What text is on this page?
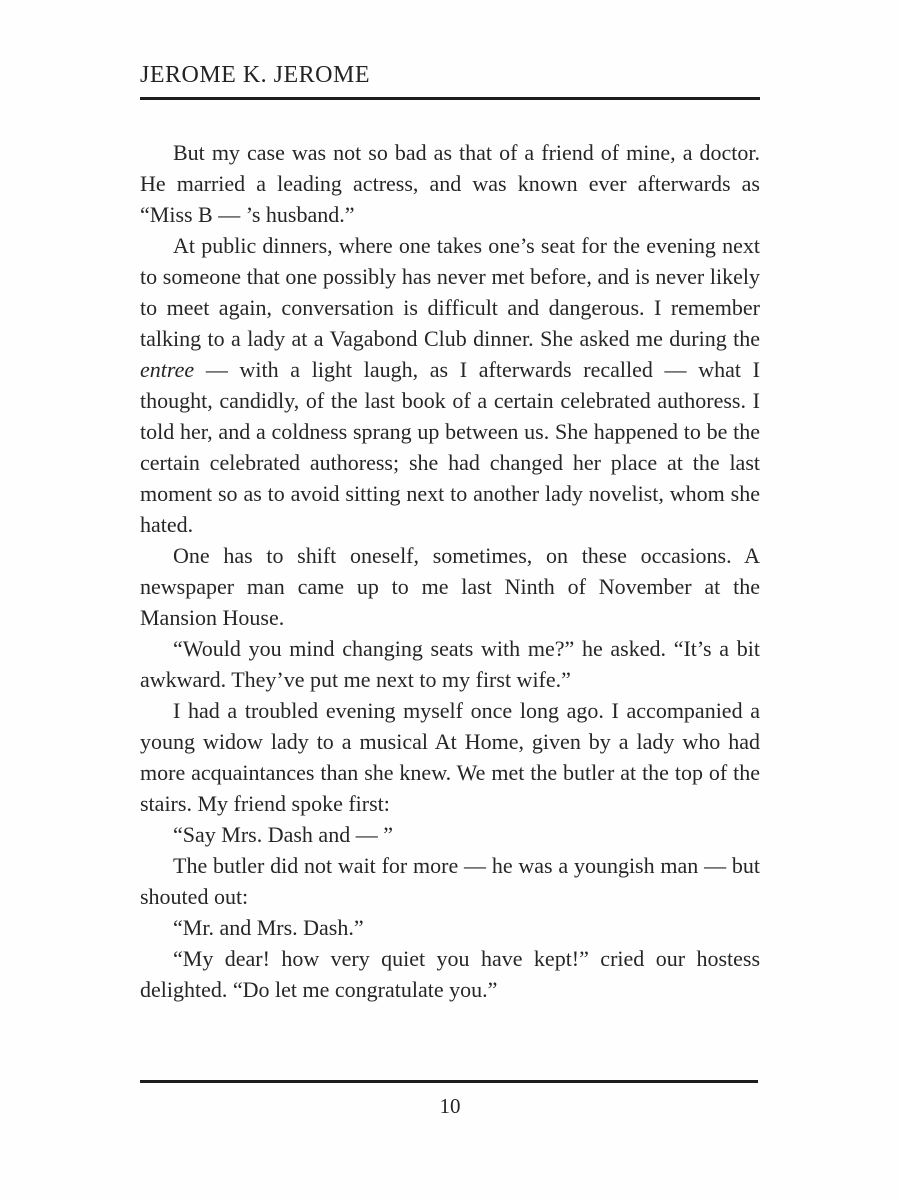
JEROME K. JEROME

But my case was not so bad as that of a friend of mine, a doctor. He married a leading actress, and was known ever afterwards as “Miss B — ’s husband.”

At public dinners, where one takes one’s seat for the evening next to someone that one possibly has never met before, and is never likely to meet again, conversation is difficult and dangerous. I remember talking to a lady at a Vagabond Club dinner. She asked me during the entree — with a light laugh, as I afterwards recalled — what I thought, candidly, of the last book of a certain celebrated authoress. I told her, and a coldness sprang up between us. She happened to be the certain celebrated authoress; she had changed her place at the last moment so as to avoid sitting next to another lady novelist, whom she hated.

One has to shift oneself, sometimes, on these occasions. A newspaper man came up to me last Ninth of November at the Mansion House.

“Would you mind changing seats with me?” he asked. “It’s a bit awkward. They’ve put me next to my first wife.”

I had a troubled evening myself once long ago. I accompanied a young widow lady to a musical At Home, given by a lady who had more acquaintances than she knew. We met the butler at the top of the stairs. My friend spoke first:

“Say Mrs. Dash and — ”

The butler did not wait for more — he was a youngish man — but shouted out:

“Mr. and Mrs. Dash.”

“My dear! how very quiet you have kept!” cried our hostess delighted. “Do let me congratulate you.”

10
